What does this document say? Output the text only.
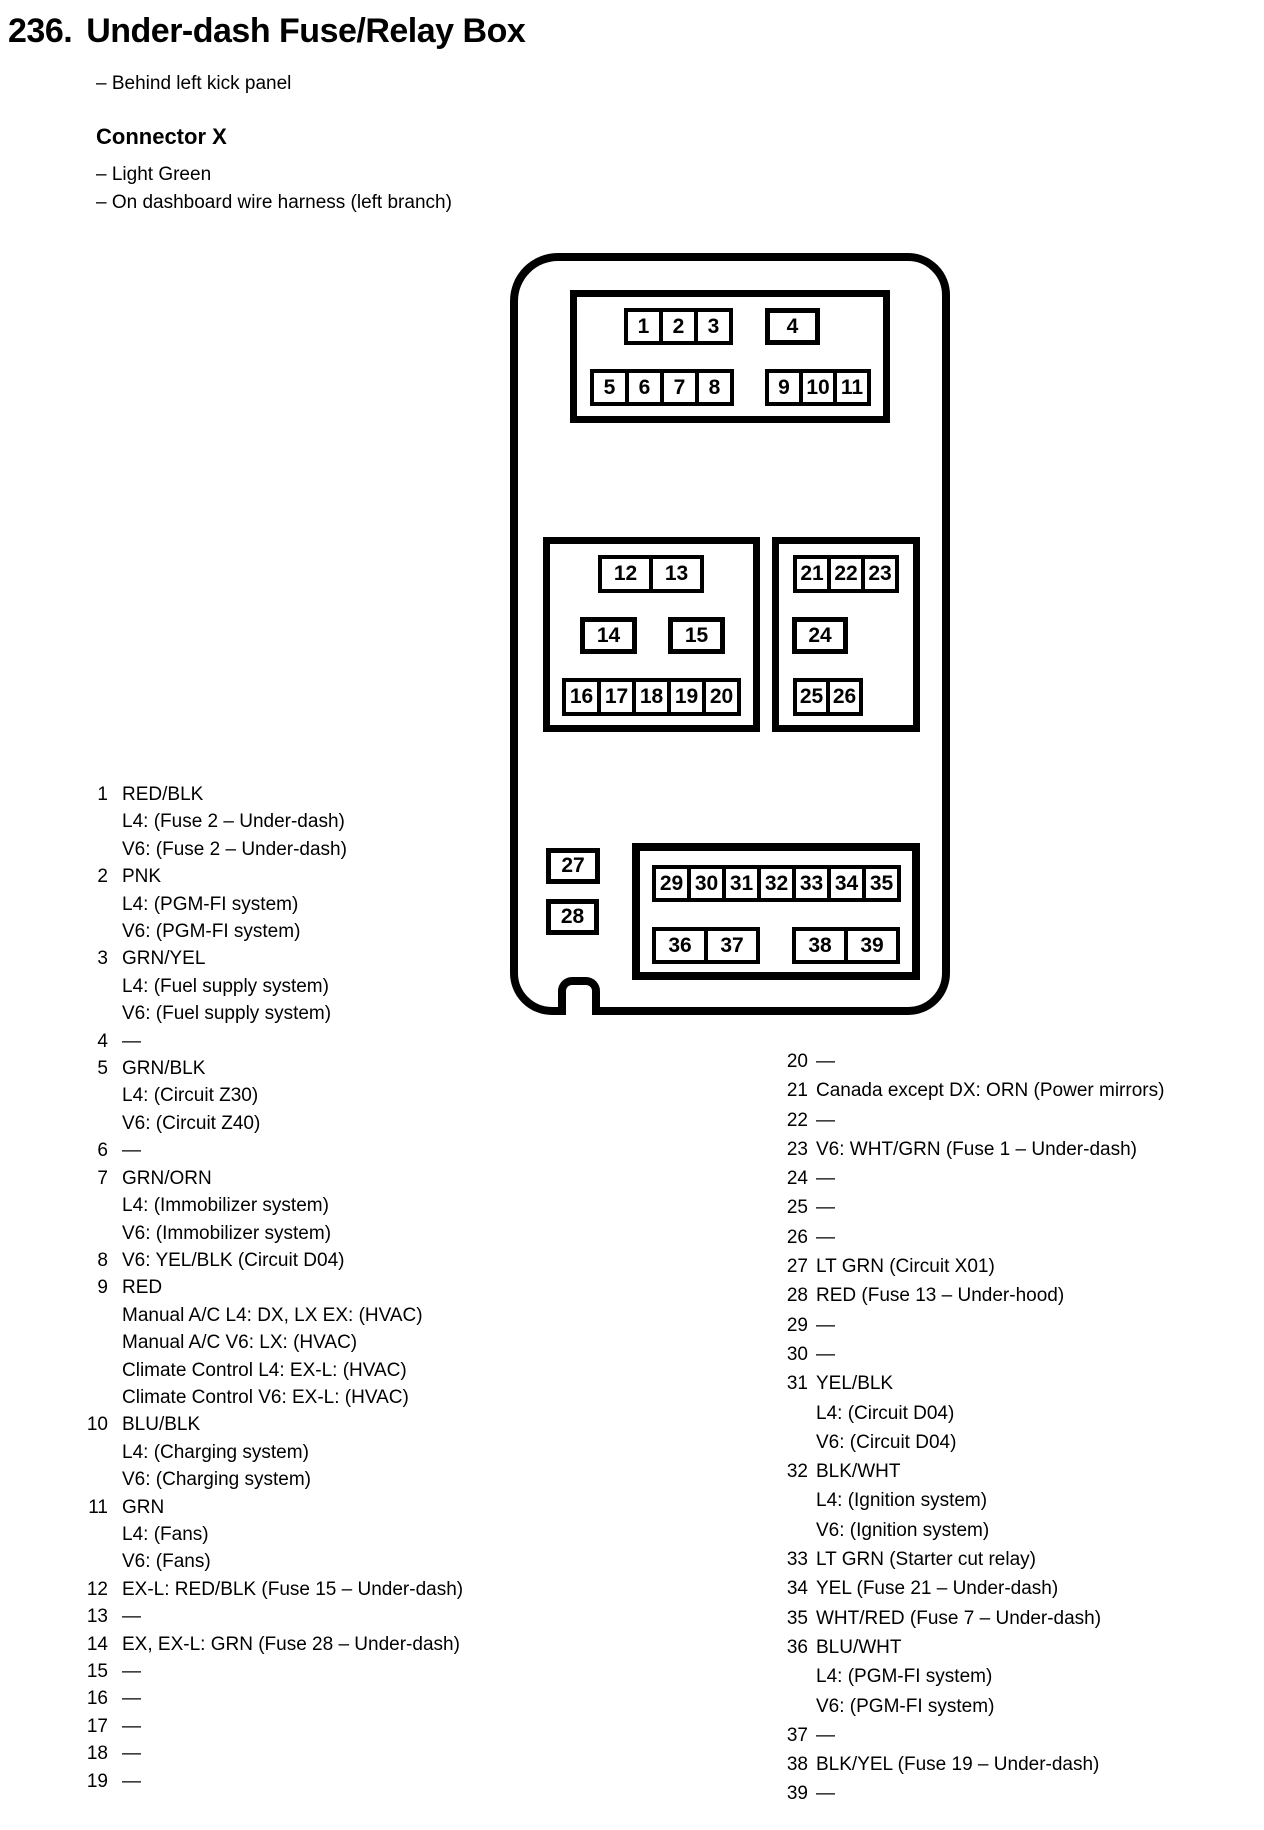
236. Under-dash Fuse/Relay Box
– Behind left kick panel
Connector X
– Light Green
– On dashboard wire harness (left branch)
1	2	3	4
5	6	7	8	9 10 11
12	13
14	15
16 17 18 19 20
21 22 23
24
25 26
27
28
29 30 31 32 33 34 35
36	37	38	39
1 RED/BLK
L4: (Fuse 2 – Under-dash)
V6: (Fuse 2 – Under-dash)
2 PNK
L4: (PGM-FI system)
V6: (PGM-FI system)
3 GRN/YEL
L4: (Fuel supply system)
V6: (Fuel supply system)
4 —
5 GRN/BLK
L4: (Circuit Z30)
V6: (Circuit Z40)
6 —
7 GRN/ORN
L4: (Immobilizer system)
V6: (Immobilizer system)
8 V6: YEL/BLK (Circuit D04)
9 RED
Manual A/C L4: DX, LX EX: (HVAC)
Manual A/C V6: LX: (HVAC)
Climate Control L4: EX-L: (HVAC)
Climate Control V6: EX-L: (HVAC)
10 BLU/BLK
L4: (Charging system)
V6: (Charging system)
11 GRN
L4: (Fans)
V6: (Fans)
12 EX-L: RED/BLK (Fuse 15 – Under-dash)
13 —
14 EX, EX-L: GRN (Fuse 28 – Under-dash)
15 —
16 —
17 —
18 —
19 —
20 —
21 Canada except DX: ORN (Power mirrors)
22 —
23 V6: WHT/GRN (Fuse 1 – Under-dash)
24 —
25 —
26 —
27 LT GRN (Circuit X01)
28 RED (Fuse 13 – Under-hood)
29 —
30 —
31 YEL/BLK
L4: (Circuit D04)
V6: (Circuit D04)
32 BLK/WHT
L4: (Ignition system)
V6: (Ignition system)
33 LT GRN (Starter cut relay)
34 YEL (Fuse 21 – Under-dash)
35 WHT/RED (Fuse 7 – Under-dash)
36 BLU/WHT
L4: (PGM-FI system)
V6: (PGM-FI system)
37 —
38 BLK/YEL (Fuse 19 – Under-dash)
39 —
